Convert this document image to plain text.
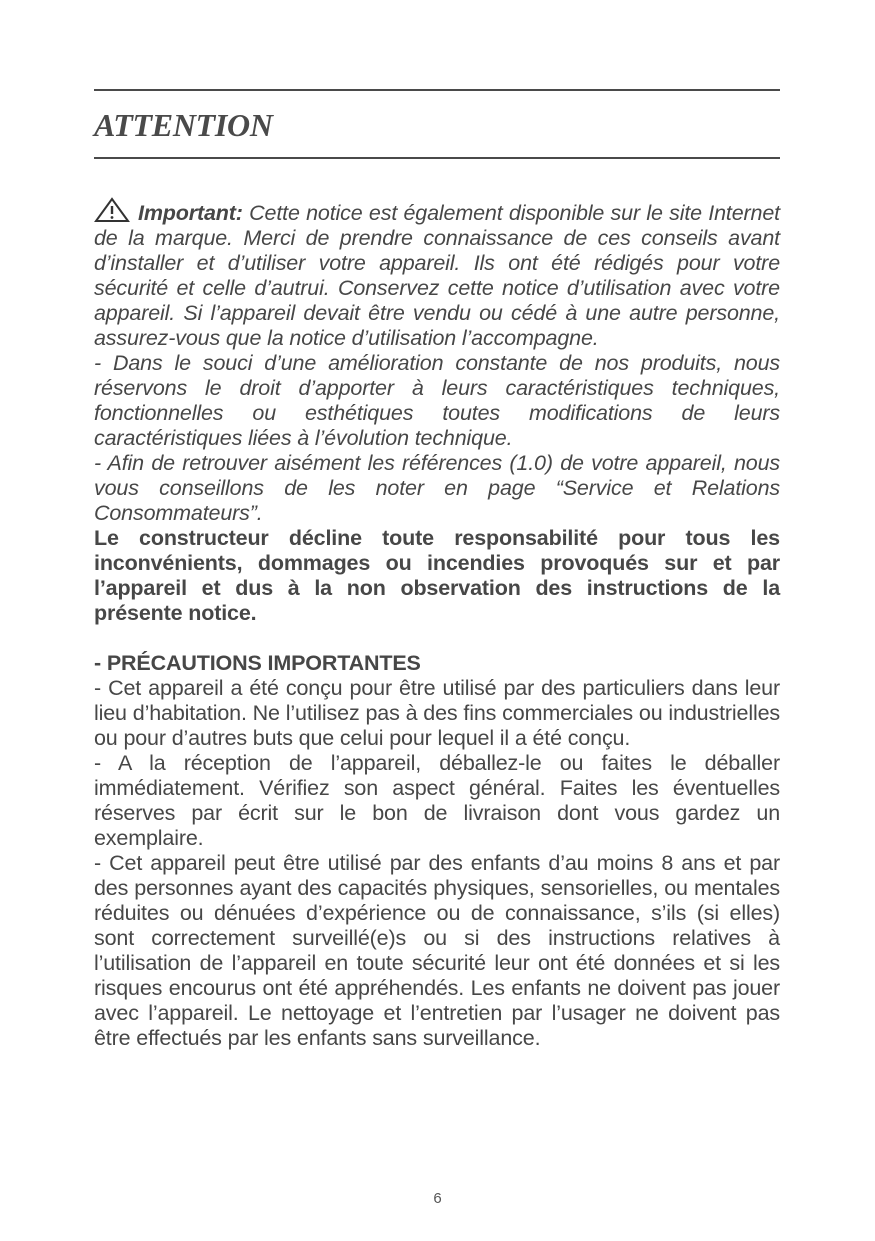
ATTENTION

Important: Cette notice est également disponible sur le site Internet de la marque. Merci de prendre connaissance de ces conseils avant d’installer et d’utiliser votre appareil. Ils ont été rédigés pour votre sécurité et celle d’autrui. Conservez cette notice d’utilisation avec votre appareil. Si l’appareil devait être vendu ou cédé à une autre personne, assurez-vous que la notice d’utilisation l’accompagne.

- Dans le souci d’une amélioration constante de nos produits, nous réservons le droit d’apporter à leurs caractéristiques techniques, fonctionnelles ou esthétiques toutes modifications de leurs caractéristiques liées à l’évolution technique.

- Afin de retrouver aisément les références (1.0) de votre appareil, nous vous conseillons de les noter en page “Service et Relations Consommateurs”.

Le constructeur décline toute responsabilité pour tous les inconvénients, dommages ou incendies provoqués sur et par l’appareil et dus à la non observation des instructions de la présente notice.

- PRÉCAUTIONS IMPORTANTES

- Cet appareil a été conçu pour être utilisé par des particuliers dans leur lieu d’habitation. Ne l’utilisez pas à des fins commerciales ou industrielles ou pour d’autres buts que celui pour lequel il a été conçu.

- A la réception de l’appareil, déballez-le ou faites le déballer immédiatement. Vérifiez son aspect général. Faites les éventuelles réserves par écrit sur le bon de livraison dont vous gardez un exemplaire.

- Cet appareil peut être utilisé par des enfants d’au moins 8 ans et par des personnes ayant des capacités physiques, sensorielles, ou mentales réduites ou dénuées d’expérience ou de connaissance, s’ils (si elles) sont correctement surveillé(e)s ou si des instructions relatives à l’utilisation de l’appareil en toute sécurité leur ont été données et si les risques encourus ont été appréhendés. Les enfants ne doivent pas jouer avec l’appareil. Le nettoyage et l’entretien par l’usager ne doivent pas être effectués par les enfants sans surveillance.

6
